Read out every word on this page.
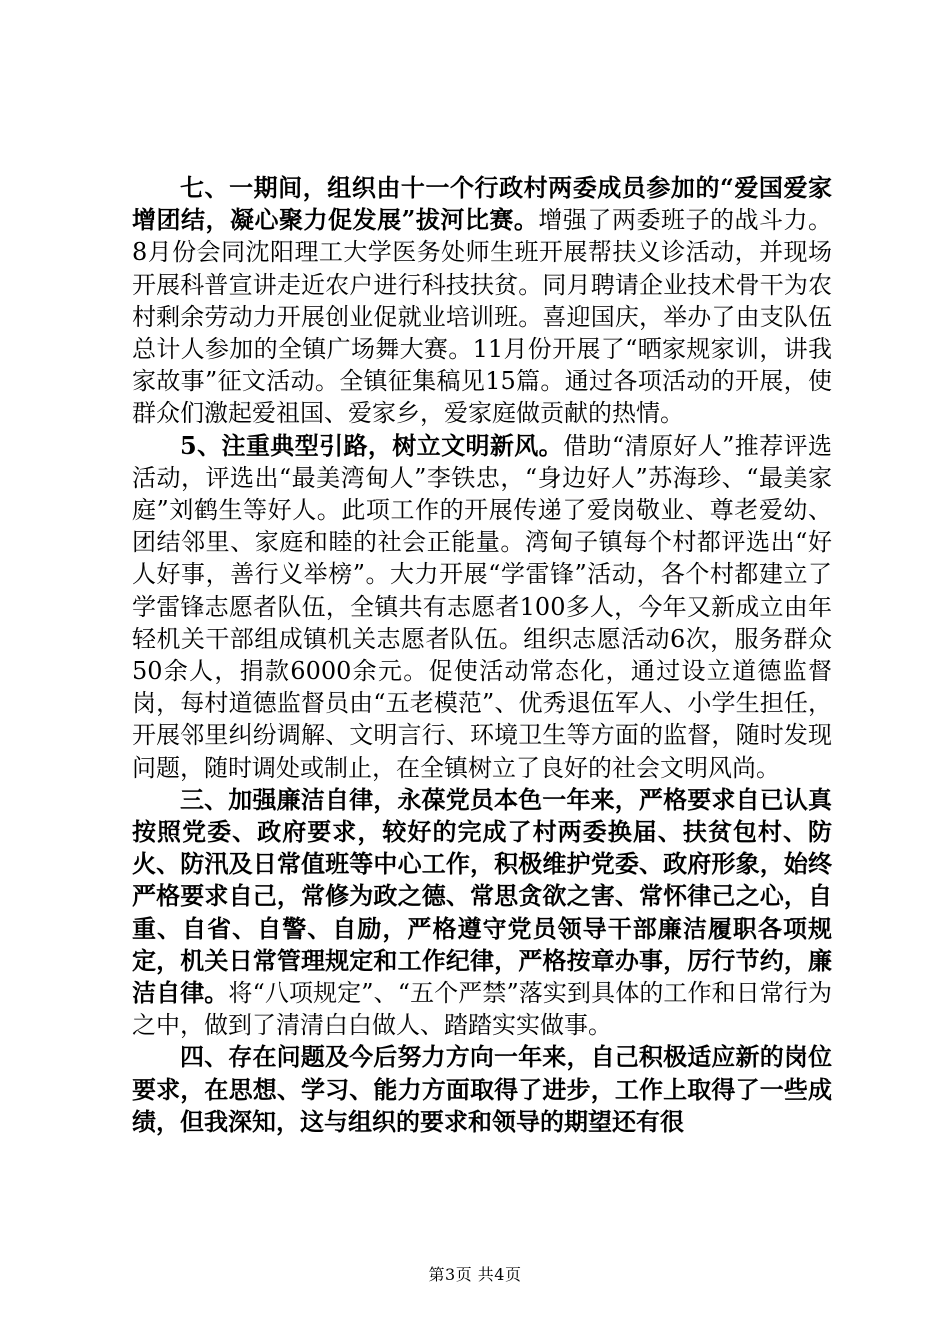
七、一期间，组织由十一个行政村两委成员参加的“爱国爱家增团结，凝心聚力促发展”拔河比赛。增强了两委班子的战斗力。8月份会同沈阳理工大学医务处师生班开展帮扶义诊活动，并现场开展科普宣讲走近农户进行科技扶贫。同月聘请企业技术骨干为农村剩余劳动力开展创业促就业培训班。喜迎国庆，举办了由支队伍总计人参加的全镇广场舞大赛。11月份开展了“晒家规家训，讲我家故事”征文活动。全镇征集稿见15篇。通过各项活动的开展，使群众们激起爱祖国、爱家乡，爱家庭做贡献的热情。

5、注重典型引路，树立文明新风。借助“清原好人”推荐评选活动，评选出“最美湾甸人”李铁忠，“身边好人”苏海珍、“最美家庭”刘鹤生等好人。此项工作的开展传递了爱岗敬业、尊老爱幼、团结邻里、家庭和睦的社会正能量。湾甸子镇每个村都评选出“好人好事，善行义举榜”。大力开展“学雷锋”活动，各个村都建立了学雷锋志愿者队伍，全镇共有志愿者100多人，今年又新成立由年轻机关干部组成镇机关志愿者队伍。组织志愿活动6次，服务群众50余人，捐款6000余元。促使活动常态化，通过设立道德监督岗，每村道德监督员由“五老模范”、优秀退伍军人、小学生担任，开展邻里纠纷调解、文明言行、环境卫生等方面的监督，随时发现问题，随时调处或制止，在全镇树立了良好的社会文明风尚。

三、加强廉洁自律，永葆党员本色一年来，严格要求自已认真按照党委、政府要求，较好的完成了村两委换届、扶贫包村、防火、防汛及日常值班等中心工作，积极维护党委、政府形象，始终严格要求自己，常修为政之德、常思贪欲之害、常怀律己之心，自重、自省、自警、自励，严格遵守党员领导干部廉洁履职各项规定，机关日常管理规定和工作纪律，严格按章办事，厉行节约，廉洁自律。将“八项规定”、“五个严禁”落实到具体的工作和日常行为之中，做到了清清白白做人、踏踏实实做事。

四、存在问题及今后努力方向一年来，自己积极适应新的岗位要求，在思想、学习、能力方面取得了进步，工作上取得了一些成绩，但我深知，这与组织的要求和领导的期望还有很

第3页 共4页
